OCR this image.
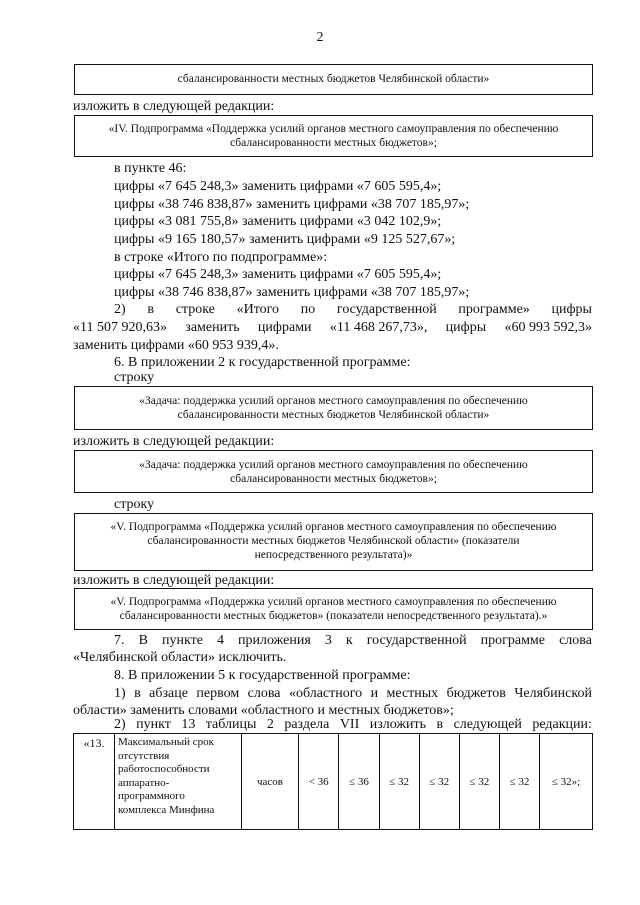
2
сбалансированности местных бюджетов Челябинской области»
изложить в следующей редакции:
«IV. Подпрограмма «Поддержка усилий органов местного самоуправления по обеспечению
сбалансированности местных бюджетов»;
в пункте 46:
цифры «7 645 248,3» заменить цифрами «7 605 595,4»;
цифры «38 746 838,87» заменить цифрами «38 707 185,97»;
цифры «3 081 755,8» заменить цифрами «3 042 102,9»;
цифры «9 165 180,57» заменить цифрами «9 125 527,67»;
в строке «Итого по подпрограмме»:
цифры «7 645 248,3» заменить цифрами «7 605 595,4»;
цифры «38 746 838,87» заменить цифрами «38 707 185,97»;
2) в строке «Итого по государственной программе» цифры
«11 507 920,63» заменить цифрами «11 468 267,73», цифры «60 993 592,3»
заменить цифрами «60 953 939,4».
6. В приложении 2 к государственной программе:
строку
«Задача: поддержка усилий органов местного самоуправления по обеспечению
сбалансированности местных бюджетов Челябинской области»
изложить в следующей редакции:
«Задача: поддержка усилий органов местного самоуправления по обеспечению
сбалансированности местных бюджетов»;
строку
«V. Подпрограмма «Поддержка усилий органов местного самоуправления по обеспечению
сбалансированности местных бюджетов Челябинской области» (показатели
непосредственного результата)»
изложить в следующей редакции:
«V. Подпрограмма «Поддержка усилий органов местного самоуправления по обеспечению
сбалансированности местных бюджетов» (показатели непосредственного результата).»
7. В пункте 4 приложения 3 к государственной программе слова
«Челябинской области» исключить.
8. В приложении 5 к государственной программе:
1) в абзаце первом слова «областного и местных бюджетов Челябинской
области» заменить словами «областного и местных бюджетов»;
2) пункт 13 таблицы 2 раздела VII изложить в следующей редакции:
«13.	Максимальный срок
отсутствия
работоспособности
аппаратно-
программного
комплекса Минфина
	часов	< 36	≤ 36	≤ 32	≤ 32	≤ 32	≤ 32	≤ 32»;
